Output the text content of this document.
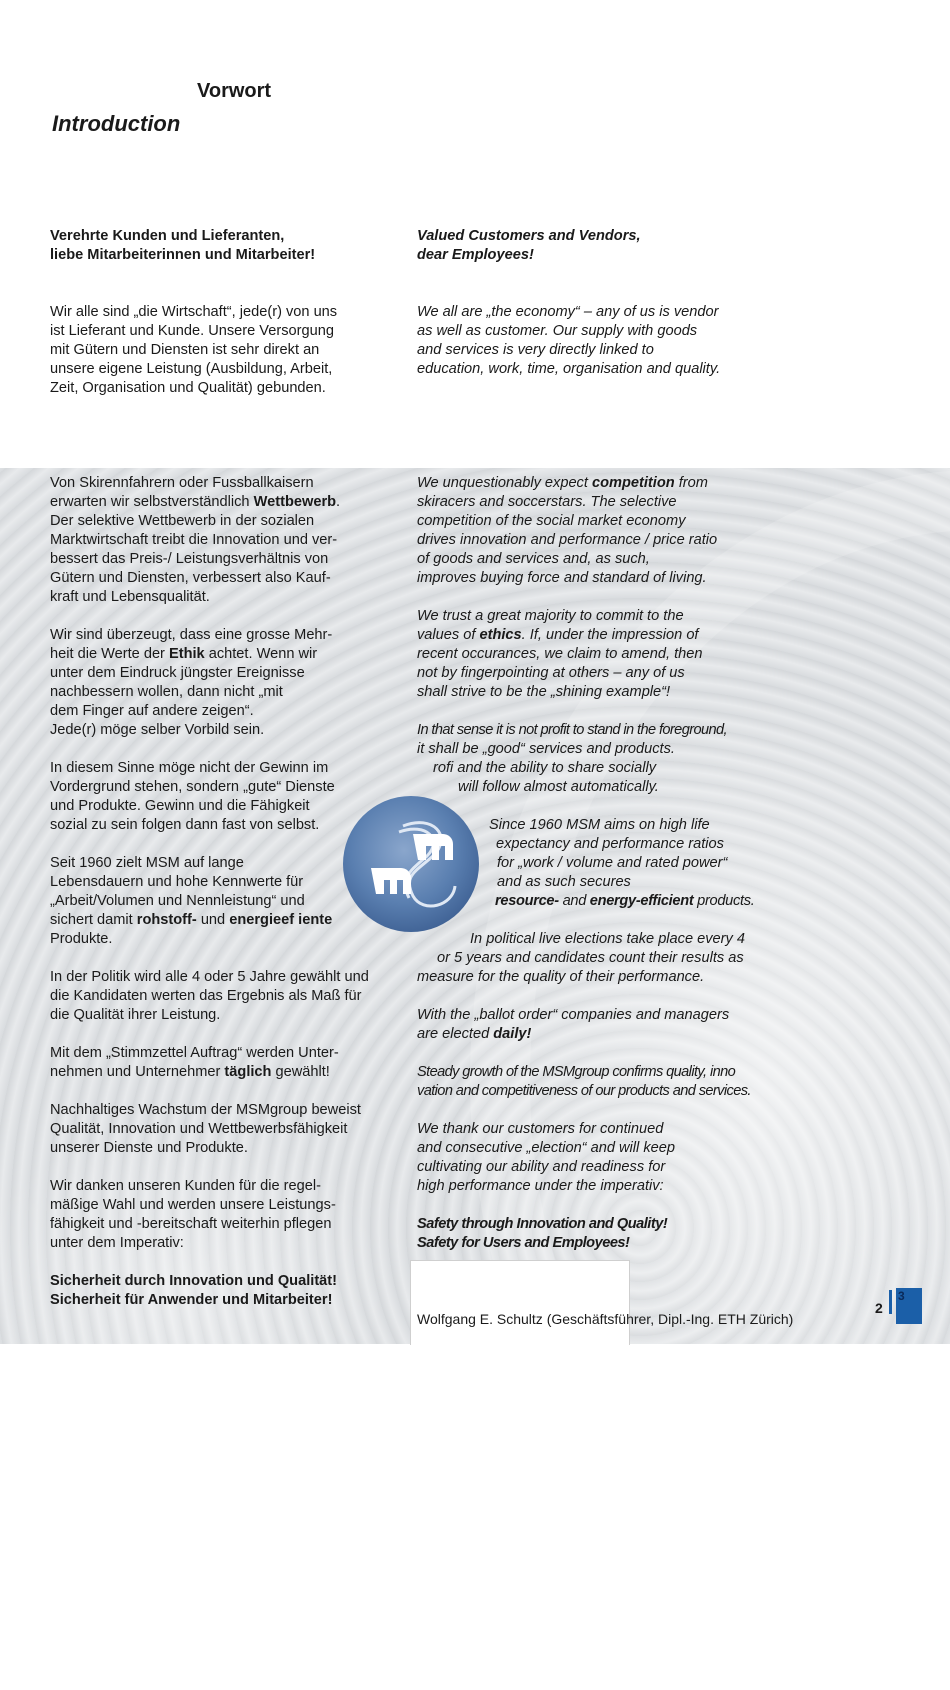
Vorwort
Introduction

Verehrte Kunden und Lieferanten,
liebe Mitarbeiterinnen und Mitarbeiter!

Valued Customers and Vendors,
dear Employees!

Wir alle sind „die Wirtschaft“, jede(r) von uns
ist Lieferant und Kunde. Unsere Versorgung
mit Gütern und Diensten ist sehr direkt an
unsere eigene Leistung (Ausbildung, Arbeit,
Zeit, Organisation und Qualität) gebunden.

We all are „the economy“ – any of us is vendor
as well as customer. Our supply with goods
and services is very directly linked to
education, work, time, organisation and quality.

Von Skirennfahrern oder Fussballkaisern
erwarten wir selbstverständlich Wettbewerb.
Der selektive Wettbewerb in der sozialen
Marktwirtschaft treibt die Innovation und ver-
bessert das Preis-/ Leistungsverhältnis von
Gütern und Diensten, verbessert also Kauf-
kraft und Lebensqualität.

Wir sind überzeugt, dass eine grosse Mehr-
heit die Werte der Ethik achtet. Wenn wir
unter dem Eindruck jüngster Ereignisse
nachbessern wollen, dann nicht „mit
dem Finger auf andere zeigen“.
Jede(r) möge selber Vorbild sein.

In diesem Sinne möge nicht der Gewinn im
Vordergrund stehen, sondern „gute“ Dienste
und Produkte. Gewinn und die Fähigkeit
sozial zu sein folgen dann fast von selbst.

Seit 1960 zielt MSM auf lange
Lebensdauern und hohe Kennwerte für
„Arbeit/Volumen und Nennleistung“ und
sichert damit rohstoff- und energieef iente
Produkte.

In der Politik wird alle 4 oder 5 Jahre gewählt und
die Kandidaten werten das Ergebnis als Maß für
die Qualität ihrer Leistung.

Mit dem „Stimmzettel Auftrag“ werden Unter-
nehmen und Unternehmer täglich gewählt!

Nachhaltiges Wachstum der MSMgroup beweist
Qualität, Innovation und Wettbewerbsfähigkeit
unserer Dienste und Produkte.

Wir danken unseren Kunden für die regel-
mäßige Wahl und werden unsere Leistungs-
fähigkeit und -bereitschaft weiterhin pflegen
unter dem Imperativ:

Sicherheit durch Innovation und Qualität!
Sicherheit für Anwender und Mitarbeiter!

We unquestionably expect competition from
skiracers and soccerstars. The selective
competition of the social market economy
drives innovation and performance / price ratio
of goods and services and, as such,
improves buying force and standard of living.

We trust a great majority to commit to the
values of ethics. If, under the impression of
recent occurances, we claim to amend, then
not by fingerpointing at others – any of us
shall strive to be the „shining example“!

In that sense it is not profit to stand in the foreground,

it shall be „good“ services and products.

rofi and the ability to share socially

will follow almost automatically.

Since 1960 MSM aims on high life

expectancy and performance ratios

for „work / volume and rated power“

and as such secures

resource- and energy-efficient products.

In political live elections take place every 4

or 5 years and candidates count their results as

measure for the quality of their performance.

With the „ballot order“ companies and managers
are elected daily!

Steady growth of the MSMgroup confirms quality, inno
vation and competitiveness of our products and services.

We thank our customers for continued
and consecutive „election“ and will keep
cultivating our ability and readiness for
high performance under the imperativ:

Safety through Innovation and Quality!
Safety for Users and Employees!

Wolfgang E. Schultz (Geschäftsführer, Dipl.-Ing. ETH Zürich)
2
3
